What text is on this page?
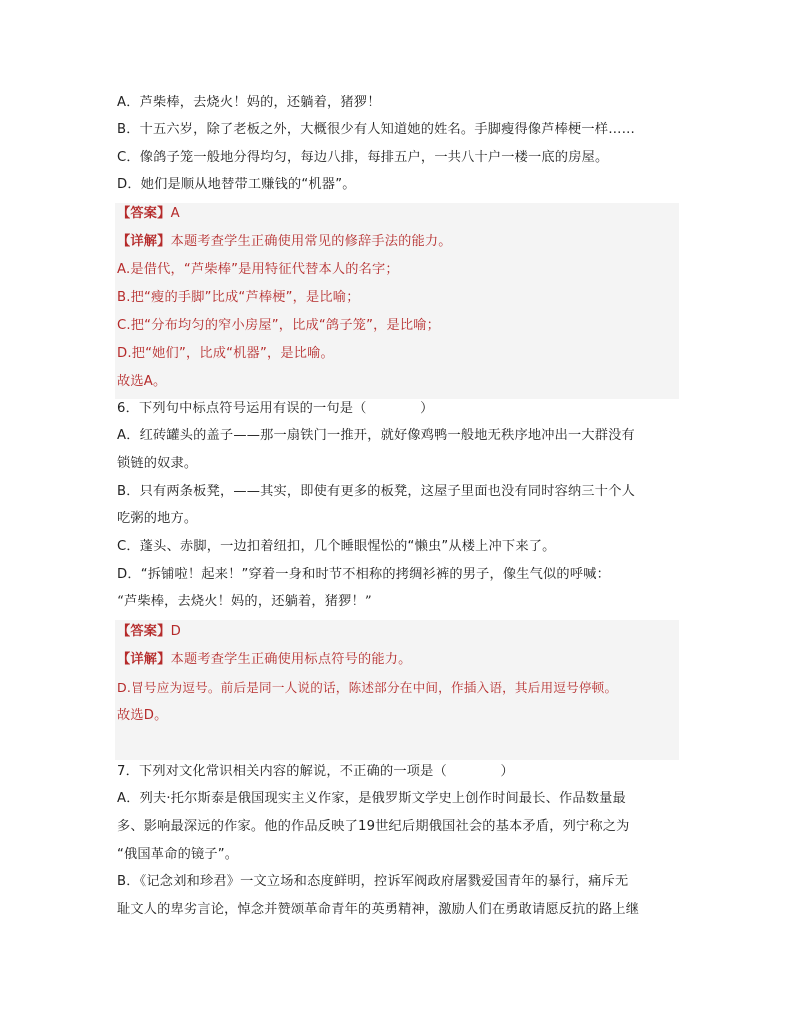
A．芦柴棒，去烧火！妈的，还躺着，猪猡！
B．十五六岁，除了老板之外，大概很少有人知道她的姓名。手脚瘦得像芦棒梗一样……
C．像鸽子笼一般地分得均匀，每边八排，每排五户，一共八十户一楼一底的房屋。
D．她们是顺从地替带工赚钱的“机器”。
【答案】A
【详解】本题考查学生正确使用常见的修辞手法的能力。
A.是借代，“芦柴棒”是用特征代替本人的名字；
B.把“瘦的手脚”比成“芦棒梗”，是比喻；
C.把“分布均匀的窄小房屋”，比成“鸽子笼”，是比喻；
D.把“她们”，比成“机器”，是比喻。
故选A。
6．下列句中标点符号运用有误的一句是（　　　　）
A．红砖罐头的盖子——那一扇铁门一推开，就好像鸡鸭一般地无秩序地冲出一大群没有
锁链的奴隶。
B．只有两条板凳，——其实，即使有更多的板凳，这屋子里面也没有同时容纳三十个人
吃粥的地方。
C．蓬头、赤脚，一边扣着纽扣，几个睡眼惺忪的“懒虫”从楼上冲下来了。
D．“拆铺啦！起来！”穿着一身和时节不相称的拷绸衫裤的男子，像生气似的呼喊：
“芦柴棒，去烧火！妈的，还躺着，猪猡！”
【答案】D
【详解】本题考查学生正确使用标点符号的能力。
D.冒号应为逗号。前后是同一人说的话，陈述部分在中间，作插入语，其后用逗号停顿。
故选D。
7．下列对文化常识相关内容的解说，不正确的一项是（　　　　）
A．列夫·托尔斯泰是俄国现实主义作家，是俄罗斯文学史上创作时间最长、作品数量最
多、影响最深远的作家。他的作品反映了19世纪后期俄国社会的基本矛盾，列宁称之为
“俄国革命的镜子”。
B．《记念刘和珍君》一文立场和态度鲜明，控诉军阀政府屠戮爱国青年的暴行，痛斥无
耻文人的卑劣言论，悼念并赞颂革命青年的英勇精神，激励人们在勇敢请愿反抗的路上继
